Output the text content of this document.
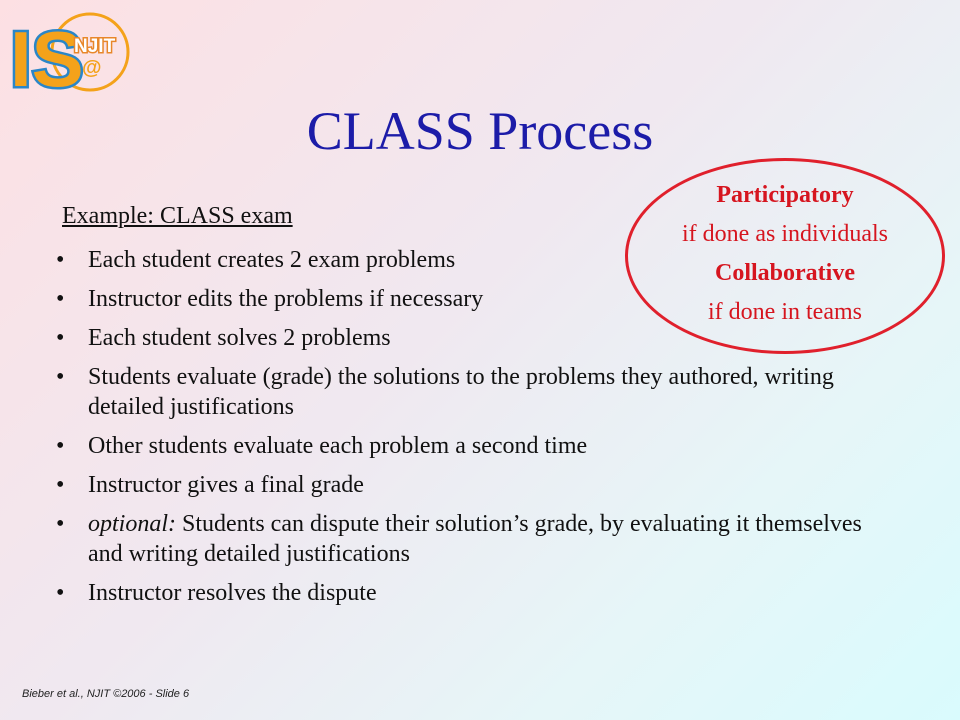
IS
NJIT
@
CLASS Process
Example: CLASS exam
• Each student creates 2 exam problems
• Instructor edits the problems if necessary
• Each student solves 2 problems
• Students evaluate (grade) the solutions to the problems they authored, writing detailed justifications
• Other students evaluate each problem a second time
• Instructor gives a final grade
• optional: Students can dispute their solution’s grade, by evaluating it themselves and writing detailed justifications
• Instructor resolves the dispute
Participatory
if done as individuals
Collaborative
if done in teams
Bieber et al., NJIT ©2006 - Slide 6
